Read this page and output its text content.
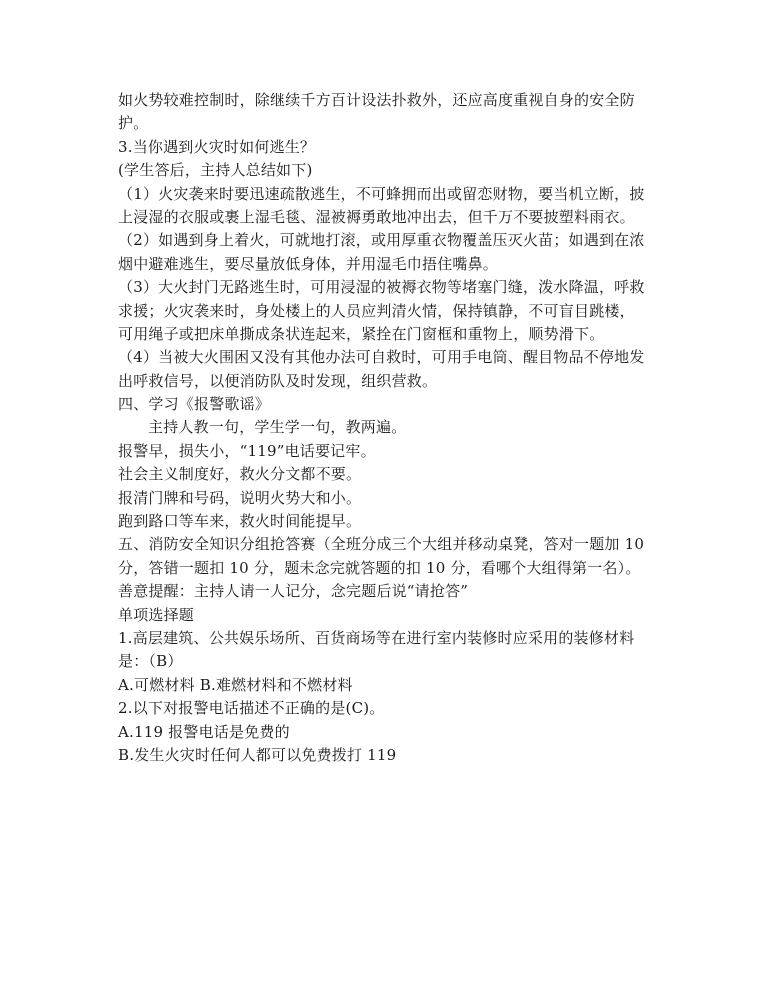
如火势较难控制时，除继续千方百计设法扑救外，还应高度重视自身的安全防
护。
3.当你遇到火灾时如何逃生？
(学生答后，主持人总结如下)
（1）火灾袭来时要迅速疏散逃生，不可蜂拥而出或留恋财物，要当机立断，披
上浸湿的衣服或裹上湿毛毯、湿被褥勇敢地冲出去，但千万不要披塑料雨衣。
（2）如遇到身上着火，可就地打滚，或用厚重衣物覆盖压灭火苗；如遇到在浓
烟中避难逃生，要尽量放低身体，并用湿毛巾捂住嘴鼻。
（3）大火封门无路逃生时，可用浸湿的被褥衣物等堵塞门缝，泼水降温，呼救
求援；火灾袭来时，身处楼上的人员应判清火情，保持镇静，不可盲目跳楼，
可用绳子或把床单撕成条状连起来，紧拴在门窗框和重物上，顺势滑下。
（4）当被大火围困又没有其他办法可自救时，可用手电筒、醒目物品不停地发
出呼救信号，以便消防队及时发现，组织营救。
四、学习《报警歌谣》
主持人教一句，学生学一句，教两遍。
报警早，损失小，“119”电话要记牢。
社会主义制度好，救火分文都不要。
报清门牌和号码，说明火势大和小。
跑到路口等车来，救火时间能提早。
五、消防安全知识分组抢答赛（全班分成三个大组并移动桌凳，答对一题加 10
分，答错一题扣 10 分，题未念完就答题的扣 10 分，看哪个大组得第一名）。
善意提醒：主持人请一人记分，念完题后说“请抢答”
单项选择题
1.高层建筑、公共娱乐场所、百货商场等在进行室内装修时应采用的装修材料
是：（B）
A.可燃材料 B.难燃材料和不燃材料
2.以下对报警电话描述不正确的是(C)。
A.119 报警电话是免费的
B.发生火灾时任何人都可以免费拨打 119
